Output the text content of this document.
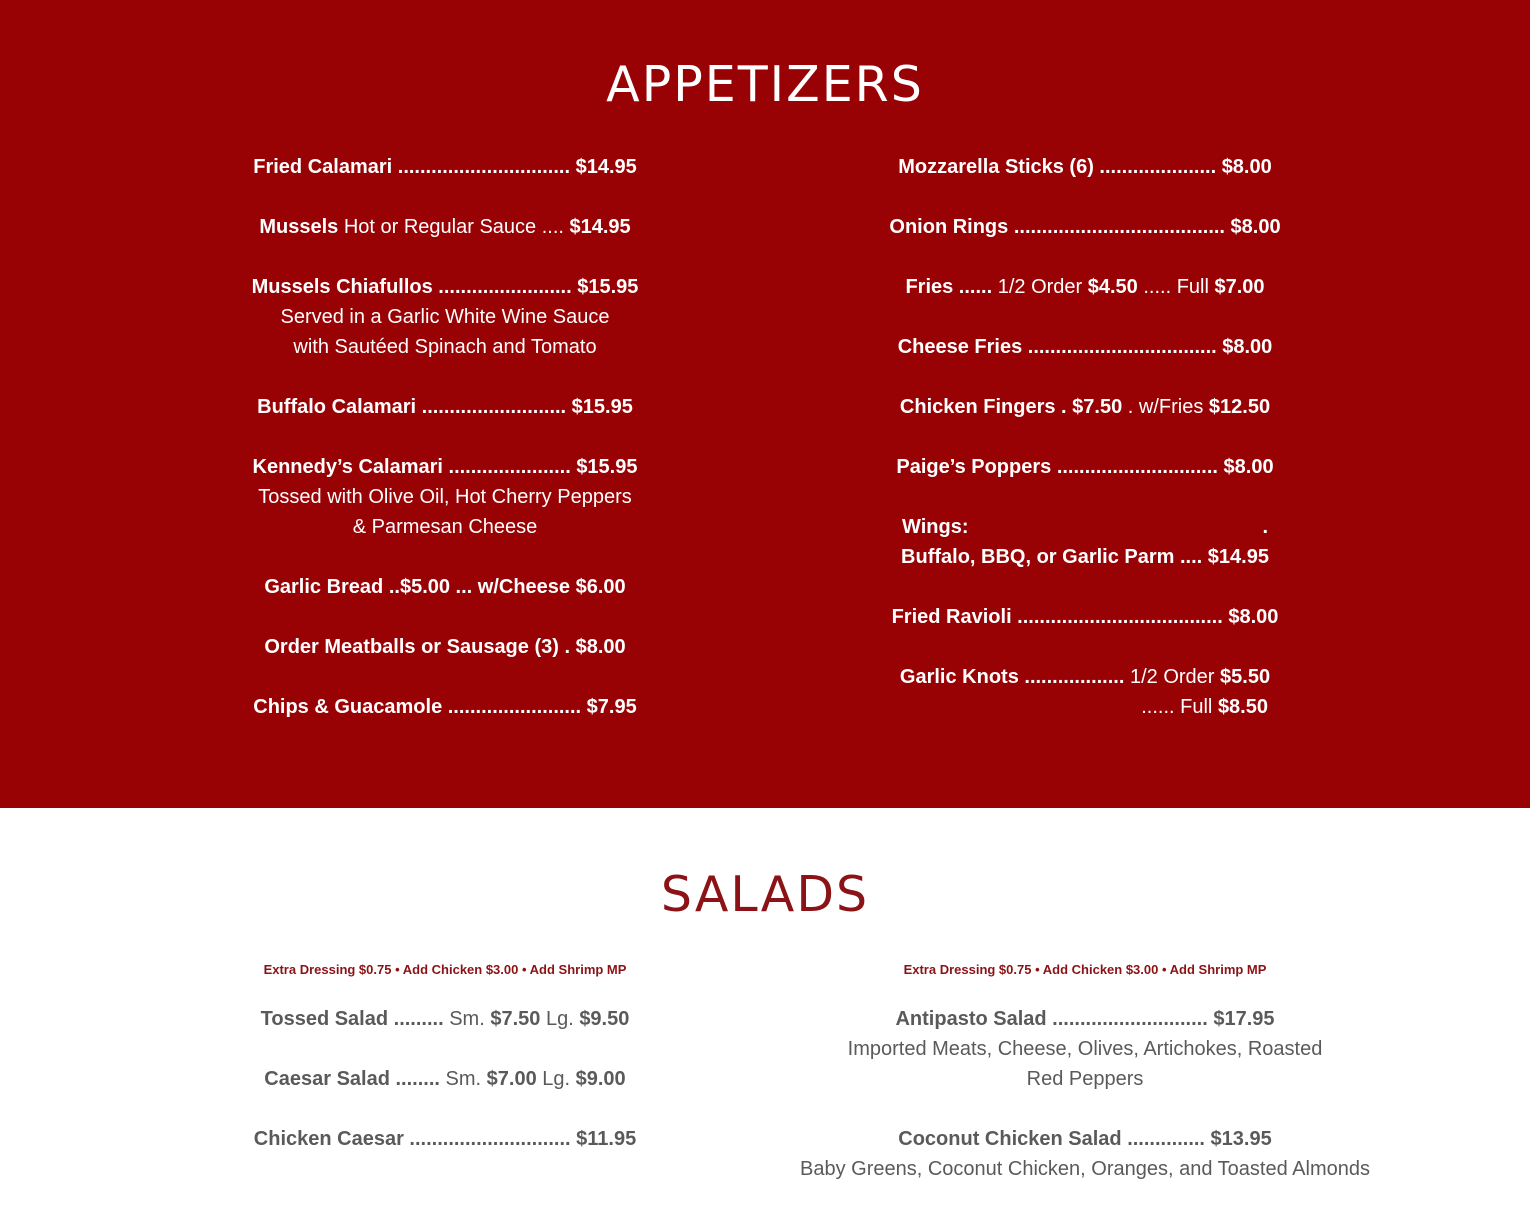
APPETIZERS
Fried Calamari ............................... $14.95
Mussels Hot or Regular Sauce .... $14.95
Mussels Chiafullos ........................ $15.95
Served in a Garlic White Wine Sauce
with Sautéed Spinach and Tomato
Buffalo Calamari .......................... $15.95
Kennedy’s Calamari ...................... $15.95
Tossed with Olive Oil, Hot Cherry Peppers
& Parmesan Cheese
Garlic Bread ..$5.00 ... w/Cheese $6.00
Order Meatballs or Sausage (3) . $8.00
Chips & Guacamole ........................ $7.95
Mozzarella Sticks (6) ..................... $8.00
Onion Rings ...................................... $8.00
Fries ...... 1/2 Order $4.50 ..... Full $7.00
Cheese Fries .................................. $8.00
Chicken Fingers . $7.50 . w/Fries $12.50
Paige’s Poppers ............................. $8.00
Wings:	.
Buffalo, BBQ, or Garlic Parm .... $14.95
Fried Ravioli ..................................... $8.00
Garlic Knots .................. 1/2 Order $5.50
...... Full $8.50
SALADS
Extra Dressing $0.75 • Add Chicken $3.00 • Add Shrimp MP	Extra Dressing $0.75 • Add Chicken $3.00 • Add Shrimp MP
Tossed Salad ......... Sm. $7.50 Lg. $9.50
Caesar Salad ........ Sm. $7.00 Lg. $9.00
Chicken Caesar ............................. $11.95
Antipasto Salad ............................ $17.95
Imported Meats, Cheese, Olives, Artichokes, Roasted
Red Peppers
Coconut Chicken Salad .............. $13.95
Baby Greens, Coconut Chicken, Oranges, and Toasted Almonds
